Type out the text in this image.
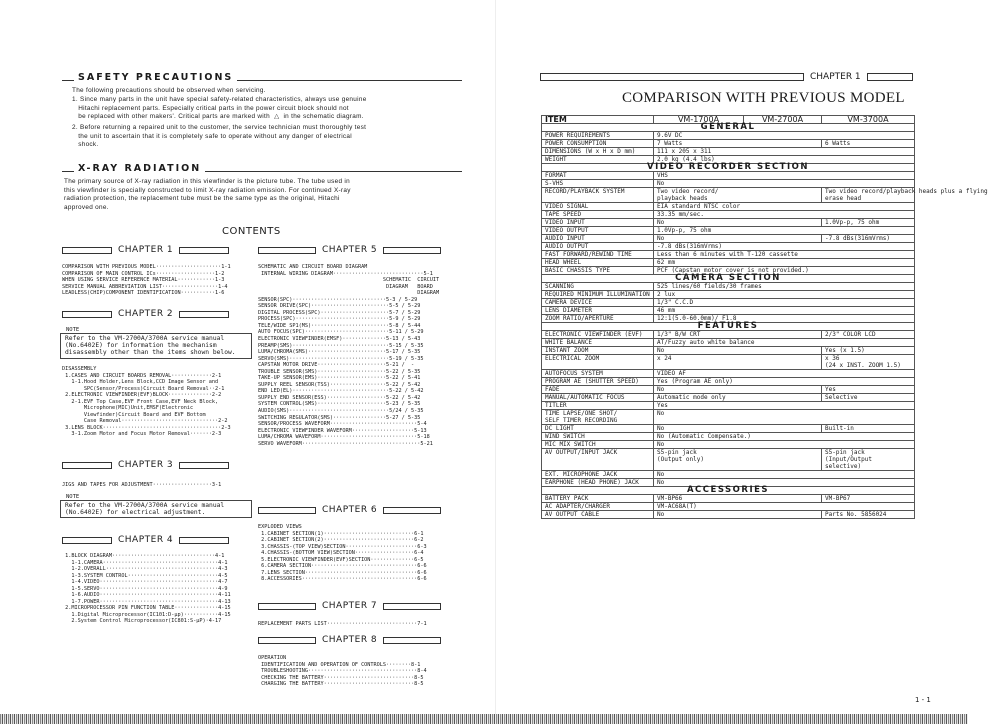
SAFETY PRECAUTIONS
The following precautions should be observed when servicing.
1. Since many parts in the unit have special safety-related characteristics, always use genuine
Hitachi replacement parts. Especially critical parts in the power circuit block should not
be replaced with other makers'. Critical parts are marked with  △  in the schematic diagram.
2. Before returning a repaired unit to the customer, the service technician must thoroughly test
the unit to ascertain that it is completely safe to operate without any danger of electrical
shock.
X-RAY RADIATION
The primary source of X-ray radiation in this viewfinder is the picture tube. The tube used in
this viewfinder is specially constructed to limit X-ray radiation emission. For continued X-ray
radiation protection, the replacement tube must be the same type as the original, Hitachi
approved one.
CONTENTS
CHAPTER 1
COMPARISON WITH PREVIOUS MODEL·····················1-1
COMPARISON OF MAIN CONTROL ICs···················1-2
WHEN USING SERVICE REFERENCE MATERIAL············1-3
SERVICE MANUAL ABBREVIATION LIST··················1-4
LEADLESS(CHIP)COMPONENT IDENTIFICATION···········1-6
CHAPTER 2
NOTE
Refer to the VM-2700A/3700A service manual
(No.6402E) for information the mechanism
disassembly other than the items shown below.
DISASSEMBLY
1.CASES AND CIRCUIT BOARDS REMOVAL·············2-1
1-1.Hood Holder,Lens Block,CCD Image Sensor and
SPC(Sensor/Process)Circuit Board Removal··2-1
2.ELECTRONIC VIEWFINDER(EVF)BLOCK··············2-2
2-1.EVF Top Case,EVF Front Case,EVF Neck Block,
Microphone(MIC)Unit,EMSF(Electronic
Viewfinder)Circuit Board and EVF Bottom
Case Removal·······························2-2
3.LENS BLOCK······································2-3
3-1.Zoom Motor and Focus Motor Removal·······2-3
CHAPTER 3
JIGS AND TAPES FOR ADJUSTMENT···················3-1
NOTE
Refer to the VM-2700A/3700A service manual
(No.6402E) for electrical adjustment.
CHAPTER 4
1.BLOCK DIAGRAM·································4-1
1-1.CAMERA·····································4-1
1-2.OVERALL····································4-3
1-3.SYSTEM CONTROL·····························4-5
1-4.VIDEO······································4-7
1-5.SERVO······································4-9
1-6.AUDIO······································4-11
1-7.POWER······································4-13
2.MICROPROCESSOR PIN FUNCTION TABLE··············4-15
1.Digital Microprocessor(IC101:D-µp)···········4-15
2.System Control Microprocessor(IC801:S-µP)·4-17
CHAPTER 5
SCHEMATIC AND CIRCUIT BOARD DIAGRAM
INTERNAL WIRING DIAGRAM·····························5-1
SCHEMATIC  CIRCUIT
DIAGRAM   BOARD
DIAGRAM
SENSOR(SPC)······························5-3 / 5-29
SENSOR DRIVE(SPC)·························5-5 / 5-29
DIGITAL PROCESS(SPC)······················5-7 / 5-29
PROCESS(SPC)······························5-9 / 5-29
TELE/WIDE SP1(MS)·························5-8 / 5-44
AUTO FOCUS(SPC)···························5-11 / 5-29
ELECTRONIC VIEWFINDER(EMSF)··············5-13 / 5-43
PREAMP(SMS)·······························5-15 / 5-35
LUMA/CHROMA(SMS)·························5-17 / 5-35
SERVO(SMS)································5-19 / 5-35
CAPSTAN MOTOR DRIVE······················5-21 /  -
TROUBLE SENSOR(SMS)······················5-22 / 5-35
TAKE-UP SENSOR(EMS)······················5-22 / 5-41
SUPPLY REEL SENSOR(TSS)··················5-22 / 5-42
END LED(EL)·······························5-22 / 5-42
SUPPLY END SENSOR(ESS)···················5-22 / 5-42
SYSTEM CONTROL(SMS)······················5-23 / 5-35
AUDIO(SMS)································5/24 / 5-35
SWITCHING REGULATOR(SMS)·················5-27 / 5-35
SENSOR/PROCESS WAVEFORM····························5-4
ELECTRONIC VIEWFINDER WAVEFORM····················5-13
LUMA/CHROMA WAVEFORM·······························5-18
SERVO WAVEFORM······································5-21
CHAPTER 6
EXPLODED VIEWS
1.CABINET SECTION(1)·····························6-1
2.CABINET SECTION(2)·····························6-2
3.CHASSIS-(TOP VIEW)SECTION·······················6-3
4.CHASSIS-(BOTTOM VIEW)SECTION···················6-4
5.ELECTRONIC VIEWFINDER(EVF)SECTION··············6-5
6.CAMERA SECTION··································6-6
7.LENS SECTION····································6-6
8.ACCESSORIES·····································6-6
CHAPTER 7
REPLACEMENT PARTS LIST·····························7-1
CHAPTER 8
OPERATION
IDENTIFICATION AND OPERATION OF CONTROLS········8-1
TROUBLESHOOTING···································8-4
CHECKING THE BATTERY·····························8-5
CHARGING THE BATTERY·····························8-5
CHAPTER 1
COMPARISON WITH PREVIOUS MODEL
ITEM	VM-1700A	VM-2700A	VM-3700A
GENERAL			
POWER REQUIREMENTS	9.6V DC		
POWER CONSUMPTION	7 Watts		6 Watts
DIMENSIONS (W x H x D mm)	111 x 205 x 311		
WEIGHT	2.0 kg (4.4 lbs)		
VIDEO RECORDER SECTION			
FORMAT	VHS		
S-VHS	No		
RECORD/PLAYBACK SYSTEM	Two video record/
playback heads		Two video record/playback heads plus a flying
erase head
VIDEO SIGNAL	EIA standard NTSC color		
TAPE SPEED	33.35 mm/sec.		
VIDEO INPUT	No		1.0Vp-p, 75 ohm
VIDEO OUTPUT	1.0Vp-p, 75 ohm		
AUDIO INPUT	No		-7.8 dBs(316mVrms)
AUDIO OUTPUT	-7.8 dBs(316mVrms)		
FAST FORWARD/REWIND TIME	Less than 6 minutes with T-120 cassette		
HEAD WHEEL	62 mm		
BASIC CHASSIS TYPE	PCF (Capstan motor cover is not provided.)		
CAMERA SECTION			
SCANNING	525 lines/60 fields/30 frames		
REQUIRED MINIMUM ILLUMINATION	2 lux		
CAMERA DEVICE	1/3" C.C.D		
LENS DIAMETER	46 mm		
ZOOM RATIO/APERTURE	12:1(5.0-60.0mm)/ F1.8		
FEATURES			
ELECTRONIC VIEWFINDER (EVF)	1/3" B/W CRT		2/3" COLOR LCD
WHITE BALANCE	AT/Fuzzy auto white balance		
INSTANT ZOOM	No		Yes (x 1.5)
ELECTRICAL ZOOM	x 24		x 36
(24 x INST. ZOOM 1.5)
AUTOFOCUS SYSTEM	VIDEO AF		
PROGRAM AE (SHUTTER SPEED)	Yes (Program AE only)		
FADE	No		Yes
MANUAL/AUTOMATIC FOCUS	Automatic mode only		Selective
TITLER	Yes		
TIME LAPSE/ONE SHOT/
SELF TIMER RECORDING	No		
DC LIGHT	No		Built-in
WIND SWITCH	No (Automatic Compensate.)		
MIC MIX SWITCH	No		
AV OUTPUT/INPUT JACK	S5-pin jack
(Output only)		S5-pin jack
(Input/Output
selective)
EXT. MICROPHONE JACK	No		
EARPHONE (HEAD PHONE) JACK	No		
ACCESSORIES			
BATTERY PACK	VM-BP66		VM-BP67
AC ADAPTER/CHARGER	VM-AC68A(T)		
AV OUTPUT CABLE	No		Parts No. 5856024
1 - 1
